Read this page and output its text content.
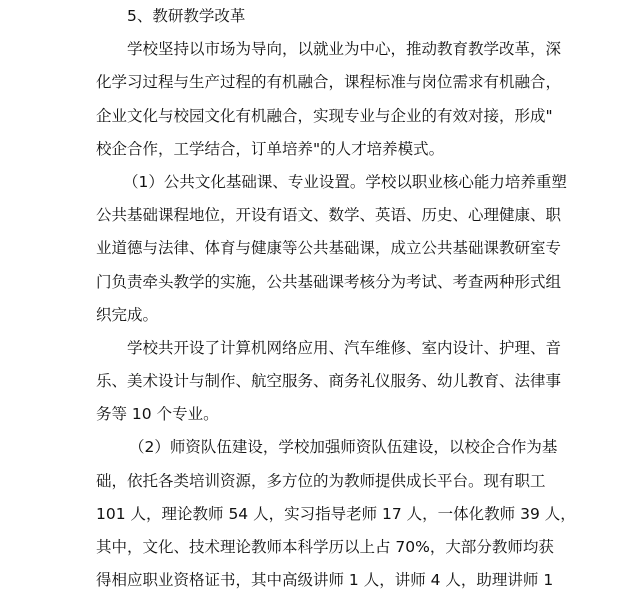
5、教研教学改革
学校坚持以市场为导向，以就业为中心，推动教育教学改革，深
化学习过程与生产过程的有机融合，课程标准与岗位需求有机融合，
企业文化与校园文化有机融合，实现专业与企业的有效对接，形成"
校企合作，工学结合，订单培养"的人才培养模式。
（1）公共文化基础课、专业设置。学校以职业核心能力培养重塑
公共基础课程地位，开设有语文、数学、英语、历史、心理健康、职
业道德与法律、体育与健康等公共基础课，成立公共基础课教研室专
门负责牵头教学的实施，公共基础课考核分为考试、考查两种形式组
织完成。
学校共开设了计算机网络应用、汽车维修、室内设计、护理、音
乐、美术设计与制作、航空服务、商务礼仪服务、幼儿教育、法律事
务等 10 个专业。
（2）师资队伍建设，学校加强师资队伍建设，以校企合作为基
础，依托各类培训资源，多方位的为教师提供成长平台。现有职工
101 人，理论教师 54 人，实习指导老师 17 人，一体化教师 39 人，
其中，文化、技术理论教师本科学历以上占 70%，大部分教师均获
得相应职业资格证书，其中高级讲师 1 人，讲师 4 人，助理讲师 1
